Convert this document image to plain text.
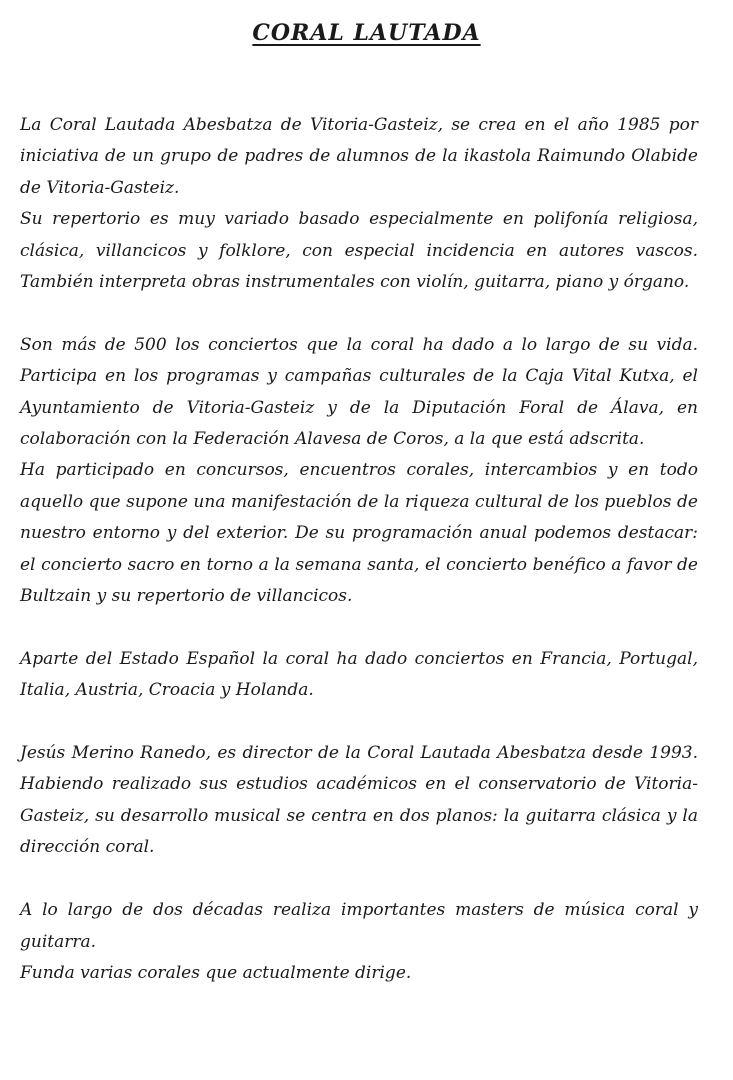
CORAL LAUTADA

La Coral Lautada Abesbatza de Vitoria-Gasteiz, se crea en el año 1985 por iniciativa de un grupo de padres de alumnos de la ikastola Raimundo Olabide de Vitoria-Gasteiz.

Su repertorio es muy variado basado especialmente en polifonía religiosa, clásica, villancicos y folklore, con especial incidencia en autores vascos. También interpreta obras instrumentales con violín, guitarra, piano y órgano.

Son más de 500 los conciertos que la coral ha dado a lo largo de su vida. Participa en los programas y campañas culturales de la Caja Vital Kutxa, el Ayuntamiento de Vitoria-Gasteiz y de la Diputación Foral de Álava, en colaboración con la Federación Alavesa de Coros, a la que está adscrita.

Ha participado en concursos, encuentros corales, intercambios y en todo aquello que supone una manifestación de la riqueza cultural de los pueblos de nuestro entorno y del exterior. De su programación anual podemos destacar: el concierto sacro en torno a la semana santa, el concierto benéfico a favor de Bultzain y su repertorio de villancicos.

Aparte del Estado Español la coral ha dado conciertos en Francia, Portugal, Italia, Austria, Croacia y Holanda.

Jesús Merino Ranedo, es director de la Coral Lautada Abesbatza desde 1993. Habiendo realizado sus estudios académicos en el conservatorio de Vitoria-Gasteiz, su desarrollo musical se centra en dos planos: la guitarra clásica y la dirección coral.

A lo largo de dos décadas realiza importantes masters de música coral y guitarra.

Funda varias corales que actualmente dirige.
